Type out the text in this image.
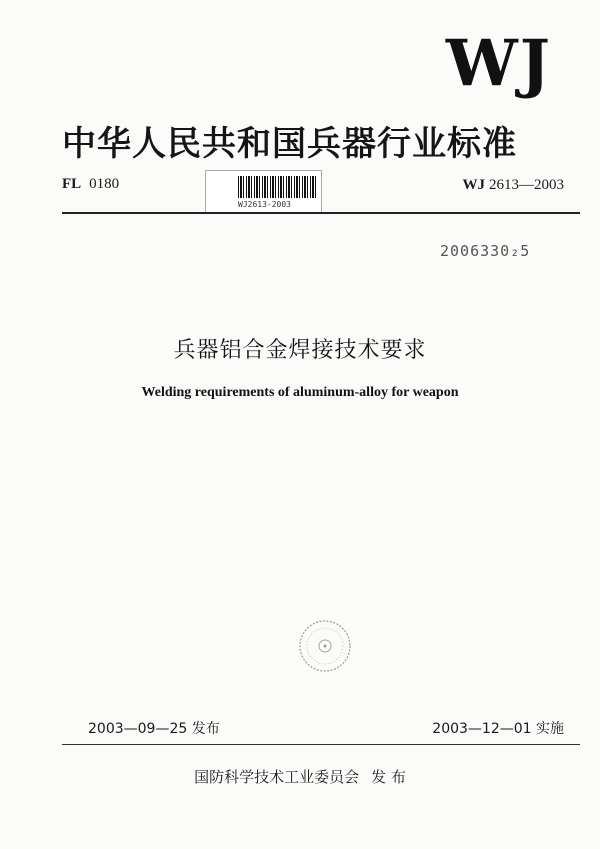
WJ
中华人民共和国兵器行业标准
FL 0180
WJ2613-2003
WJ 2613—2003
2006330₂5
兵器铝合金焊接技术要求
Welding requirements of aluminum-alloy for weapon
2003—09—25 发布	2003—12—01 实施
国防科学技术工业委员会 发 布
